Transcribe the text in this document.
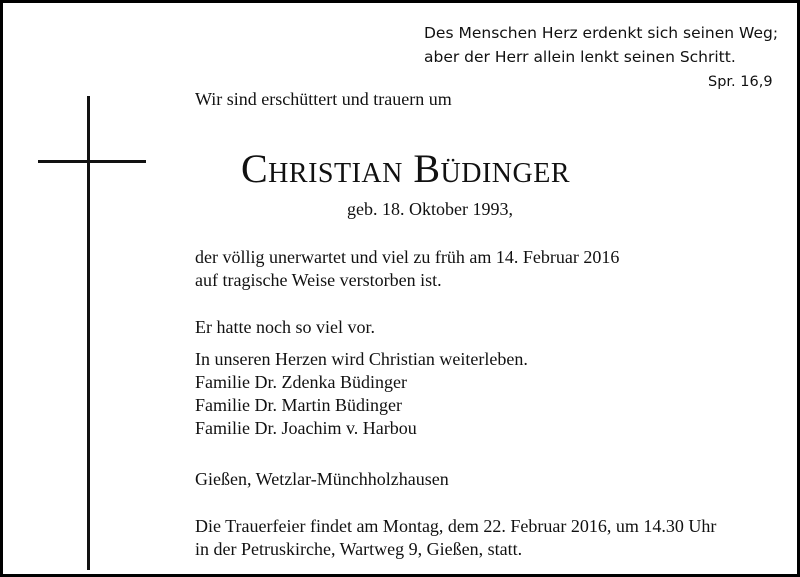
Des Menschen Herz erdenkt sich seinen Weg;
aber der Herr allein lenkt seinen Schritt.
Spr. 16,9
Wir sind erschüttert und trauern um
Christian Büdinger
geb. 18. Oktober 1993,
der völlig unerwartet und viel zu früh am 14. Februar 2016
auf tragische Weise verstorben ist.
Er hatte noch so viel vor.
In unseren Herzen wird Christian weiterleben.
Familie Dr. Zdenka Büdinger
Familie Dr. Martin Büdinger
Familie Dr. Joachim v. Harbou
Gießen, Wetzlar-Münchholzhausen
Die Trauerfeier findet am Montag, dem 22. Februar 2016, um 14.30 Uhr
in der Petruskirche, Wartweg 9, Gießen, statt.
